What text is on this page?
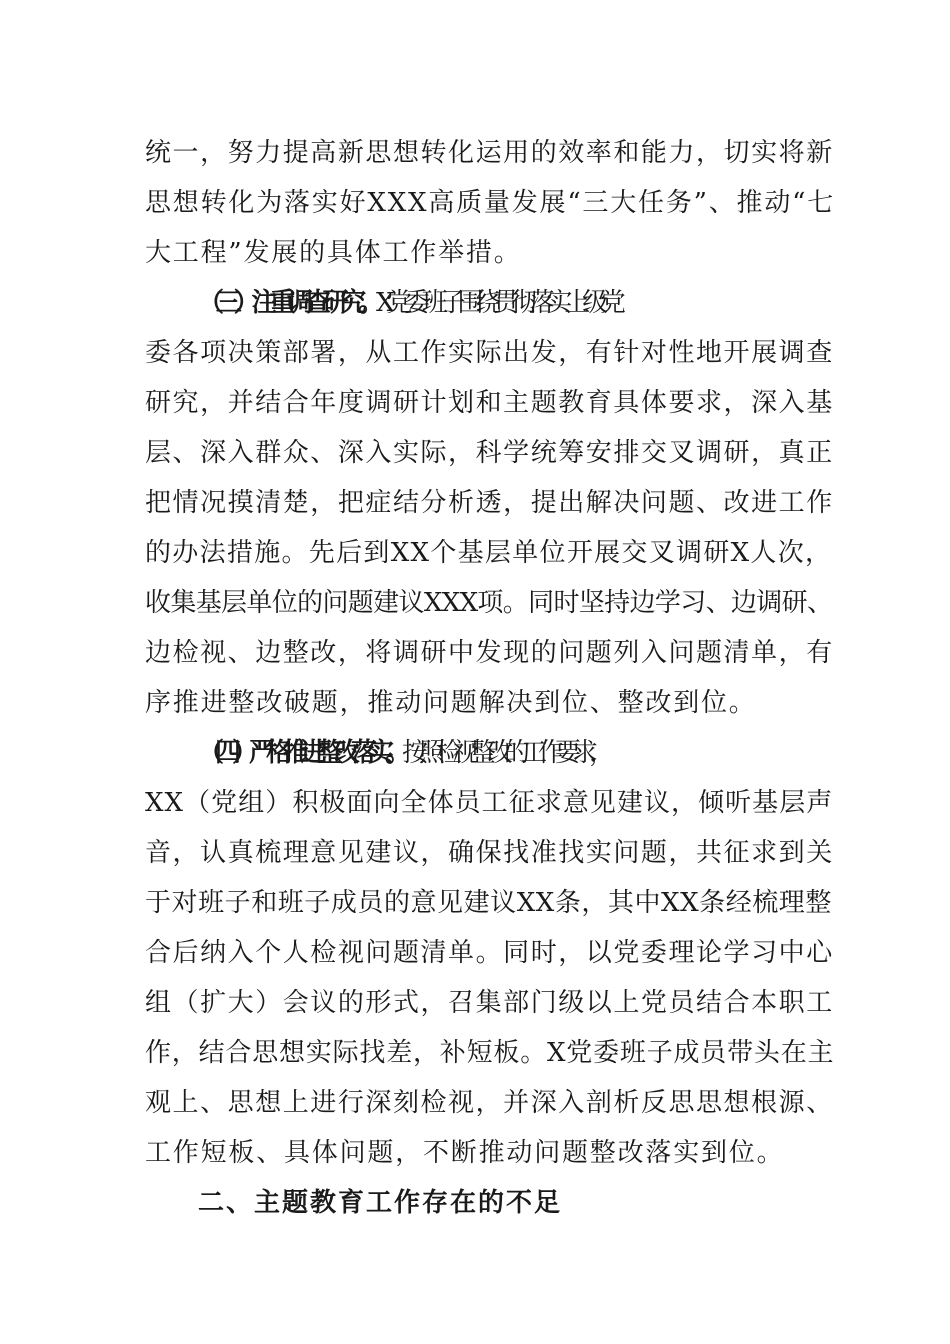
统一，努力提高新思想转化运用的效率和能力，切实将新
思想转化为落实好XXX高质量发展“三大任务”、推动“七
大工程”发展的具体工作举措。
（三）注重调查研究。X党委班子围绕贯彻落实上级党
委各项决策部署，从工作实际出发，有针对性地开展调查
研究，并结合年度调研计划和主题教育具体要求，深入基
层、深入群众、深入实际，科学统筹安排交叉调研，真正
把情况摸清楚，把症结分析透，提出解决问题、改进工作
的办法措施。先后到XX个基层单位开展交叉调研X人次，
收集基层单位的问题建议XXX项。同时坚持边学习、边调研、
边检视、边整改，将调研中发现的问题列入问题清单，有
序推进整改破题，推动问题解决到位、整改到位。
（四）严格推进整改落实。按照检视整改的工作要求，
XX（党组）积极面向全体员工征求意见建议，倾听基层声
音，认真梳理意见建议，确保找准找实问题，共征求到关
于对班子和班子成员的意见建议XX条，其中XX条经梳理整
合后纳入个人检视问题清单。同时，以党委理论学习中心
组（扩大）会议的形式，召集部门级以上党员结合本职工
作，结合思想实际找差，补短板。X党委班子成员带头在主
观上、思想上进行深刻检视，并深入剖析反思思想根源、
工作短板、具体问题，不断推动问题整改落实到位。
二、主题教育工作存在的不足
